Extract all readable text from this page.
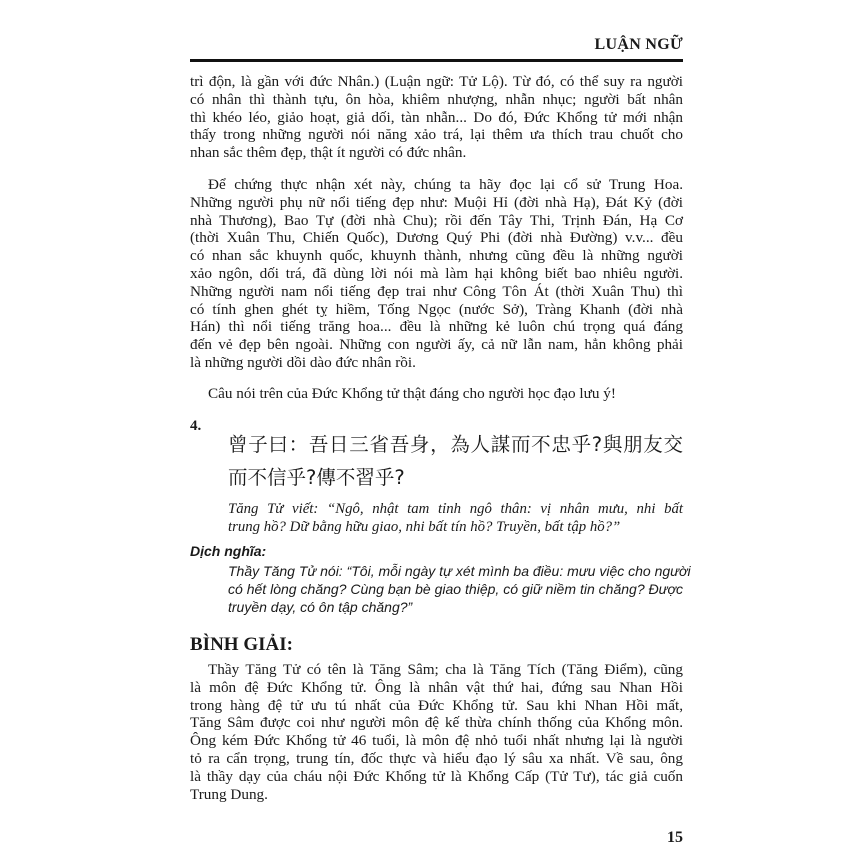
LUẬN NGỮ
trì độn, là gần với đức Nhân.) (Luận ngữ: Tử Lộ). Từ đó, có thể suy ra người
có nhân thì thành tựu, ôn hòa, khiêm nhượng, nhẫn nhục; người bất nhân
thì khéo léo, giảo hoạt, giả dối, tàn nhẫn... Do đó, Đức Khổng tử mới nhận
thấy trong những người nói năng xảo trá, lại thêm ưa thích trau chuốt cho
nhan sắc thêm đẹp, thật ít người có đức nhân.
Để chứng thực nhận xét này, chúng ta hãy đọc lại cổ sử Trung Hoa.
Những người phụ nữ nổi tiếng đẹp như: Muội Hỉ (đời nhà Hạ), Đát Kỷ (đời
nhà Thương), Bao Tự (đời nhà Chu); rồi đến Tây Thi, Trịnh Đán, Hạ Cơ
(thời Xuân Thu, Chiến Quốc), Dương Quý Phi (đời nhà Đường) v.v... đều
có nhan sắc khuynh quốc, khuynh thành, nhưng cũng đều là những người
xảo ngôn, dối trá, đã dùng lời nói mà làm hại không biết bao nhiêu người.
Những người nam nổi tiếng đẹp trai như Công Tôn Át (thời Xuân Thu) thì
có tính ghen ghét tỵ hiềm, Tống Ngọc (nước Sở), Tràng Khanh (đời nhà
Hán) thì nổi tiếng trăng hoa... đều là những kẻ luôn chú trọng quá đáng
đến vẻ đẹp bên ngoài. Những con người ấy, cả nữ lẫn nam, hẳn không phải
là những người dồi dào đức nhân rồi.
Câu nói trên của Đức Khổng tử thật đáng cho người học đạo lưu ý!
4.
曾子曰：吾日三省吾身，為人謀而不忠乎?與朋友交
而不信乎?傳不習乎?
Tăng Tử viết: “Ngô, nhật tam tỉnh ngô thân: vị nhân mưu, nhi bất
trung hồ? Dữ bằng hữu giao, nhi bất tín hồ? Truyền, bất tập hồ?”
Dịch nghĩa:
Thầy Tăng Tử nói: “Tôi, mỗi ngày tự xét mình ba điều: mưu việc cho người
có hết lòng chăng? Cùng bạn bè giao thiệp, có giữ niềm tin chăng? Được
truyền dạy, có ôn tập chăng?”
BÌNH GIẢI:
Thầy Tăng Tử có tên là Tăng Sâm; cha là Tăng Tích (Tăng Điểm), cũng
là môn đệ Đức Khổng tử. Ông là nhân vật thứ hai, đứng sau Nhan Hồi
trong hàng đệ tử ưu tú nhất của Đức Khổng tử. Sau khi Nhan Hồi mất,
Tăng Sâm được coi như người môn đệ kế thừa chính thống của Khổng môn.
Ông kém Đức Khổng tử 46 tuổi, là môn đệ nhỏ tuổi nhất nhưng lại là người
tỏ ra cẩn trọng, trung tín, đốc thực và hiểu đạo lý sâu xa nhất. Về sau, ông
là thầy dạy của cháu nội Đức Khổng tử là Khổng Cấp (Tử Tư), tác giả cuốn
Trung Dung.
15
